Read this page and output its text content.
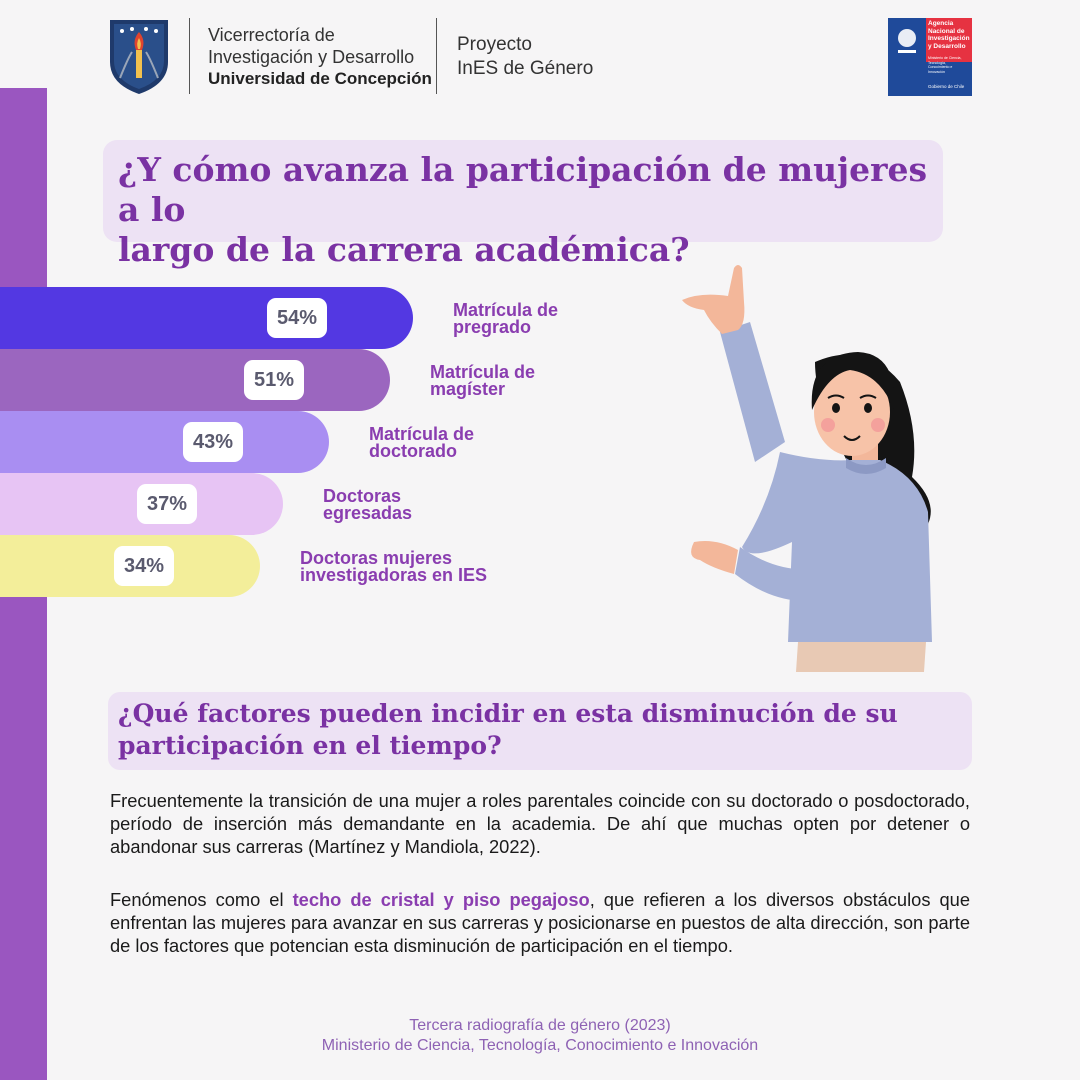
Vicerrectoría de
Investigación y Desarrollo
Universidad de Concepción
Proyecto
InES de Género
Agencia
Nacional de
Investigación
y Desarrollo
Ministerio de Ciencia, Tecnología, Conocimiento e Innovación
Gobierno de Chile
¿Y cómo avanza la participación de mujeres a lo
largo de la carrera académica?
54%	Matrícula de
pregrado
51%	Matrícula de
magíster
43%	Matrícula de
doctorado
37%	Doctoras
egresadas
34%	Doctoras mujeres
investigadoras en IES
¿Qué factores pueden incidir en esta disminución de su
participación en el tiempo?
Frecuentemente la transición de una mujer a roles parentales coincide con su doctorado o posdoctorado, período de inserción más demandante en la academia. De ahí que muchas opten por detener o abandonar sus carreras (Martínez y Mandiola, 2022).
Fenómenos como el techo de cristal y piso pegajoso, que refieren a los diversos obstáculos que enfrentan las mujeres para avanzar en sus carreras y posicionarse en puestos de alta dirección, son parte de los factores que potencian esta disminución de participación en el tiempo.
Tercera radiografía de género (2023)
Ministerio de Ciencia, Tecnología, Conocimiento e Innovación
